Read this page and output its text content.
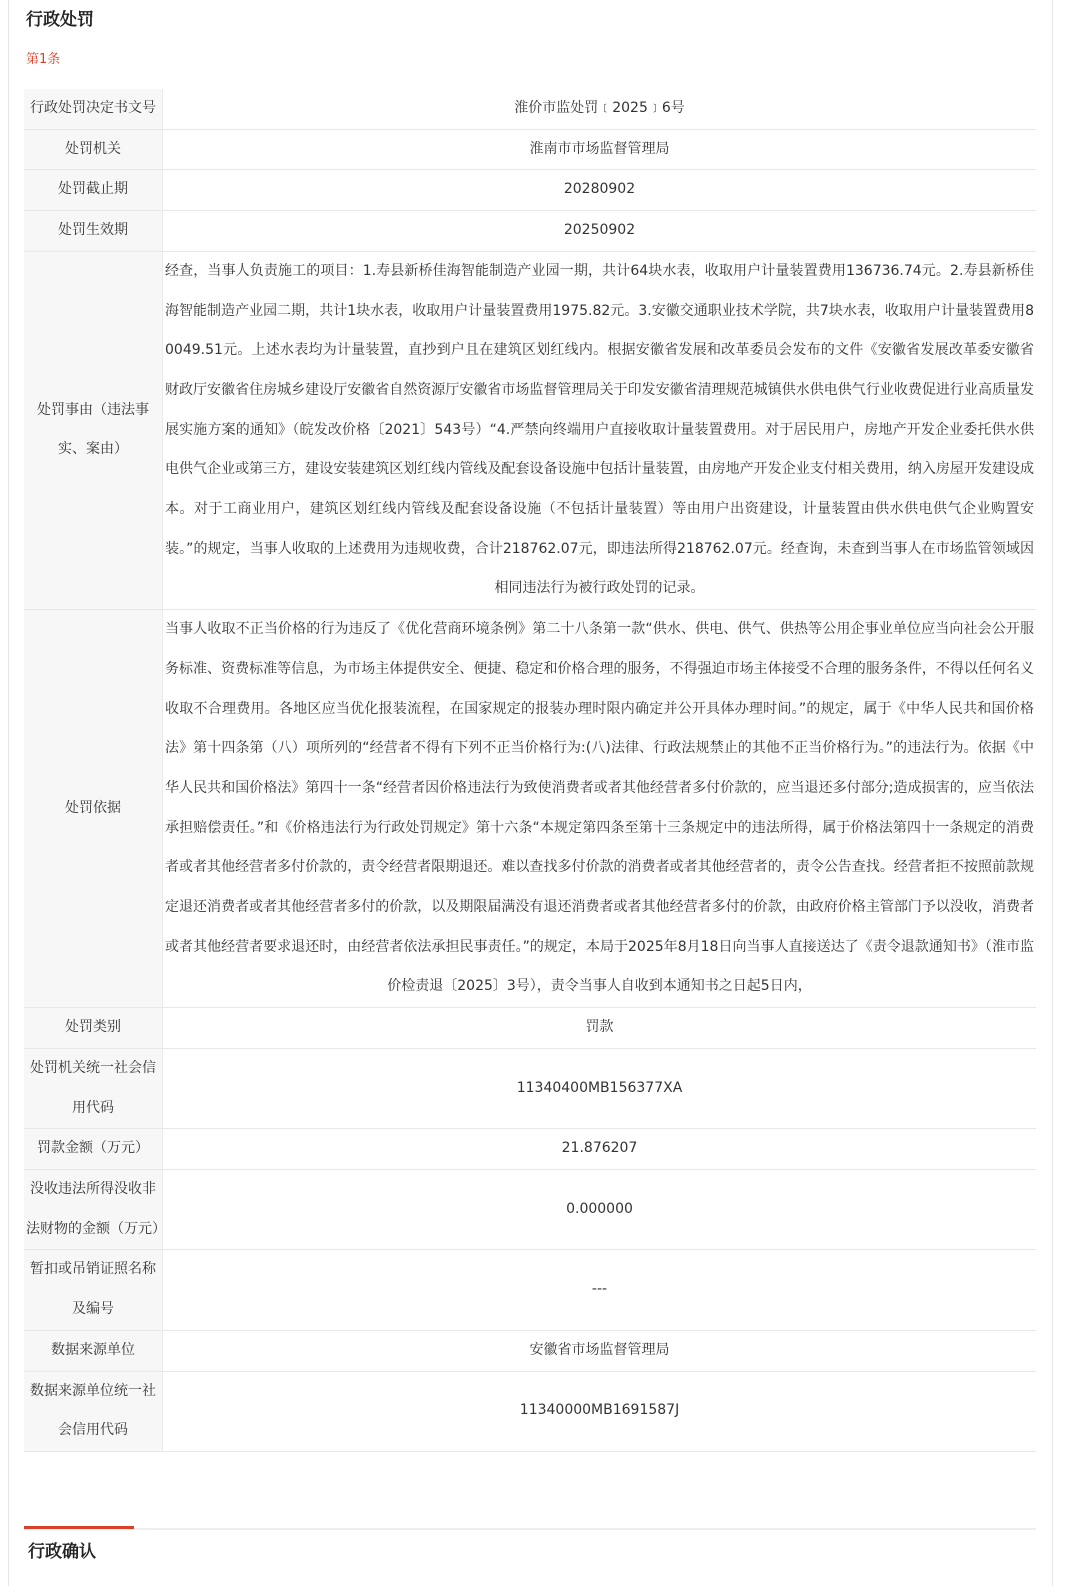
行政处罚
第1条
行政处罚决定书文号	淮价市监处罚﹝2025﹞6号
处罚机关	淮南市市场监督管理局
处罚截止期	20280902
处罚生效期	20250902
处罚事由（违法事实、案由）	经查，当事人负责施工的项目：1.寿县新桥佳海智能制造产业园一期，共计64块水表，收取用户计量装置费用136736.74元。2.寿县新桥佳海智能制造产业园二期，共计1块水表，收取用户计量装置费用1975.82元。3.安徽交通职业技术学院，共7块水表，收取用户计量装置费用80049.51元。上述水表均为计量装置，直抄到户且在建筑区划红线内。根据安徽省发展和改革委员会发布的文件《安徽省发展改革委安徽省财政厅安徽省住房城乡建设厅安徽省自然资源厅安徽省市场监督管理局关于印发安徽省清理规范城镇供水供电供气行业收费促进行业高质量发展实施方案的通知》（皖发改价格〔2021〕543号）“4.严禁向终端用户直接收取计量装置费用。对于居民用户，房地产开发企业委托供水供电供气企业或第三方，建设安装建筑区划红线内管线及配套设备设施中包括计量装置，由房地产开发企业支付相关费用，纳入房屋开发建设成本。对于工商业用户，建筑区划红线内管线及配套设备设施（不包括计量装置）等由用户出资建设，计量装置由供水供电供气企业购置安装。”的规定，当事人收取的上述费用为违规收费，合计218762.07元，即违法所得218762.07元。经查询，未查到当事人在市场监管领域因相同违法行为被行政处罚的记录。
处罚依据	当事人收取不正当价格的行为违反了《优化营商环境条例》第二十八条第一款“供水、供电、供气、供热等公用企事业单位应当向社会公开服务标准、资费标准等信息，为市场主体提供安全、便捷、稳定和价格合理的服务，不得强迫市场主体接受不合理的服务条件，不得以任何名义收取不合理费用。各地区应当优化报装流程，在国家规定的报装办理时限内确定并公开具体办理时间。”的规定，属于《中华人民共和国价格法》第十四条第（八）项所列的“经营者不得有下列不正当价格行为:(八)法律、行政法规禁止的其他不正当价格行为。”的违法行为。依据《中华人民共和国价格法》第四十一条“经营者因价格违法行为致使消费者或者其他经营者多付价款的，应当退还多付部分;造成损害的，应当依法承担赔偿责任。”和《价格违法行为行政处罚规定》第十六条“本规定第四条至第十三条规定中的违法所得，属于价格法第四十一条规定的消费者或者其他经营者多付价款的，责令经营者限期退还。难以查找多付价款的消费者或者其他经营者的，责令公告查找。经营者拒不按照前款规定退还消费者或者其他经营者多付的价款，以及期限届满没有退还消费者或者其他经营者多付的价款，由政府价格主管部门予以没收，消费者或者其他经营者要求退还时，由经营者依法承担民事责任。”的规定，本局于2025年8月18日向当事人直接送达了《责令退款通知书》（淮市监价检责退〔2025〕3号），责令当事人自收到本通知书之日起5日内，
处罚类别	罚款
处罚机关统一社会信用代码	11340400MB156377XA
罚款金额（万元）	21.876207
没收违法所得没收非法财物的金额（万元）	0.000000
暂扣或吊销证照名称及编号	---
数据来源单位	安徽省市场监督管理局
数据来源单位统一社会信用代码	11340000MB1691587J
行政确认
